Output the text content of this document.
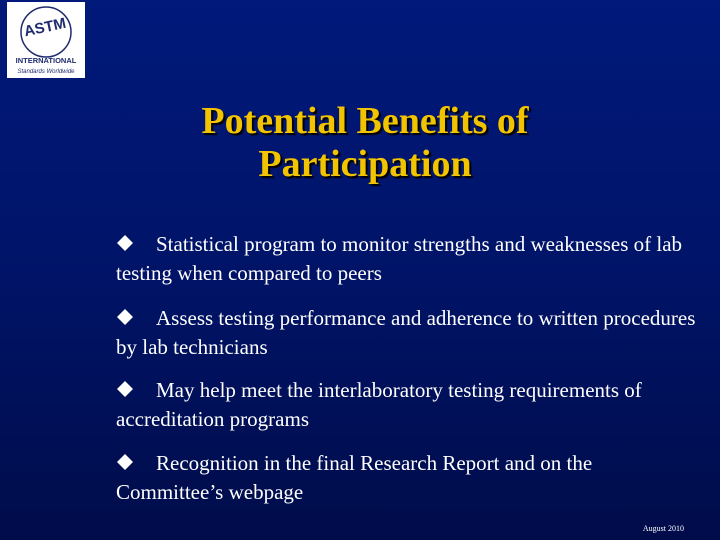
ASTM
INTERNATIONAL
Standards Worldwide
Potential Benefits of
Participation
Statistical program to monitor strengths and weaknesses of lab testing when compared to peers
Assess testing performance and adherence to written procedures by lab technicians
May help meet the interlaboratory testing requirements of accreditation programs
Recognition in the final Research Report and on the Committee’s webpage
August 2010
